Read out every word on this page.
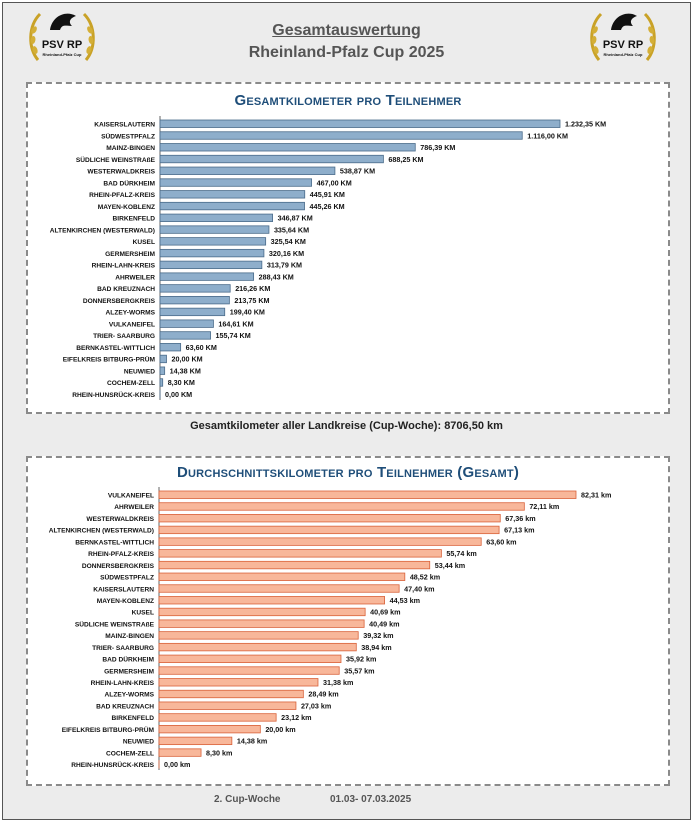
PSV RP
Rheinland-Pfalz Cup
Gesamtauswertung
Rheinland-Pfalz Cup 2025	PSV RP
Rheinland-Pfalz Cup
Gesamtkilometer pro Teilnehmer
KAISERSLAUTERN	1.232,35 KM
SÜDWESTPFALZ	1.116,00 KM
MAINZ-BINGEN	786,39 KM
SÜDLICHE WEINSTRAßE	688,25 KM
WESTERWALDKREIS	538,87 KM
BAD DÜRKHEIM	467,00 KM
RHEIN-PFALZ-KREIS	445,91 KM
MAYEN-KOBLENZ	445,26 KM
BIRKENFELD	346,87 KM
ALTENKIRCHEN (WESTERWALD)	335,64 KM
KUSEL	325,54 KM
GERMERSHEIM	320,16 KM
RHEIN-LAHN-KREIS	313,79 KM
AHRWEILER	288,43 KM
BAD KREUZNACH	216,26 KM
DONNERSBERGKREIS	213,75 KM
ALZEY-WORMS	199,40 KM
VULKANEIFEL	164,61 KM
TRIER- SAARBURG	155,74 KM
BERNKASTEL-WITTLICH	63,60 KM
EIFELKREIS BITBURG-PRÜM 20,00 KM
NEUWIED 14,38 KM
COCHEM-ZELL 8,30 KM
RHEIN-HUNSRÜCK-KREIS 0,00 KM
Gesamtkilometer aller Landkreise (Cup-Woche): 8706,50 km
Durchschnittskilometer pro Teilnehmer (Gesamt)
VULKANEIFEL	82,31 km
AHRWEILER	72,11 km
WESTERWALDKREIS	67,36 km
ALTENKIRCHEN (WESTERWALD)	67,13 km
BERNKASTEL-WITTLICH	63,60 km
RHEIN-PFALZ-KREIS	55,74 km
DONNERSBERGKREIS	53,44 km
SÜDWESTPFALZ	48,52 km
KAISERSLAUTERN	47,40 km
MAYEN-KOBLENZ	44,53 km
KUSEL	40,69 km
SÜDLICHE WEINSTRAßE	40,49 km
MAINZ-BINGEN	39,32 km
TRIER- SAARBURG	38,94 km
BAD DÜRKHEIM	35,92 km
GERMERSHEIM	35,57 km
RHEIN-LAHN-KREIS	31,38 km
ALZEY-WORMS	28,49 km
BAD KREUZNACH	27,03 km
BIRKENFELD	23,12 km
EIFELKREIS BITBURG-PRÜM	20,00 km
NEUWIED	14,38 km
COCHEM-ZELL	8,30 km
RHEIN-HUNSRÜCK-KREIS 0,00 km
2. Cup-Woche	01.03- 07.03.2025
